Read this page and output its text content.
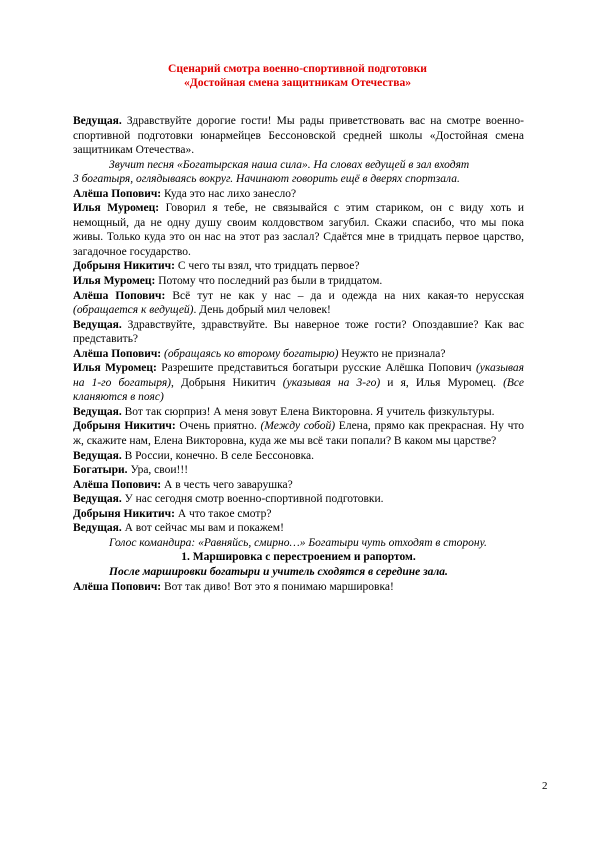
Сценарий смотра военно-спортивной подготовки
«Достойная смена защитникам Отечества»

Ведущая. Здравствуйте дорогие гости! Мы рады приветствовать вас на смотре военно-спортивной подготовки юнармейцев Бессоновской средней школы «Достойная смена защитникам Отечества».

Звучит песня «Богатырская наша сила». На словах ведущей в зал входят

3 богатыря, оглядываясь вокруг. Начинают говорить ещё в дверях спортзала.

Алёша Попович: Куда это нас лихо занесло?

Илья Муромец: Говорил я тебе, не связывайся с этим стариком, он с виду хоть и немощный, да не одну душу своим колдовством загубил. Скажи спасибо, что мы пока живы. Только куда это он нас на этот раз заслал? Сдаётся мне в тридцать первое царство, загадочное государство.

Добрыня Никитич: С чего ты взял, что тридцать первое?

Илья Муромец: Потому что последний раз были в тридцатом.

Алёша Попович: Всё тут не как у нас – да и одежда на них какая-то нерусская (обращается к ведущей). День добрый мил человек!

Ведущая. Здравствуйте, здравствуйте. Вы наверное тоже гости? Опоздавшие? Как вас представить?

Алёша Попович: (обращаясь ко второму богатырю) Неужто не признала?

Илья Муромец: Разрешите представиться богатыри русские Алёшка Попович (указывая на 1-го богатыря), Добрыня Никитич (указывая на 3-го) и я, Илья Муромец. (Все кланяются в пояс)

Ведущая. Вот так сюрприз! А меня зовут Елена Викторовна. Я учитель физкультуры.

Добрыня Никитич: Очень приятно. (Между собой) Елена, прямо как прекрасная. Ну что ж, скажите нам, Елена Викторовна, куда же мы всё таки попали? В каком мы царстве?

Ведущая. В России, конечно. В селе Бессоновка.

Богатыри. Ура, свои!!!

Алёша Попович: А в честь чего заварушка?

Ведущая. У нас сегодня смотр военно-спортивной подготовки.

Добрыня Никитич: А что такое смотр?

Ведущая. А вот сейчас мы вам и покажем!

Голос командира: «Равняйсь, смирно…» Богатыри чуть отходят в сторону.

1. Маршировка с перестроением и рапортом.

После маршировки богатыри и учитель сходятся в середине зала.

Алёша Попович: Вот так диво! Вот это я понимаю маршировка!

2
